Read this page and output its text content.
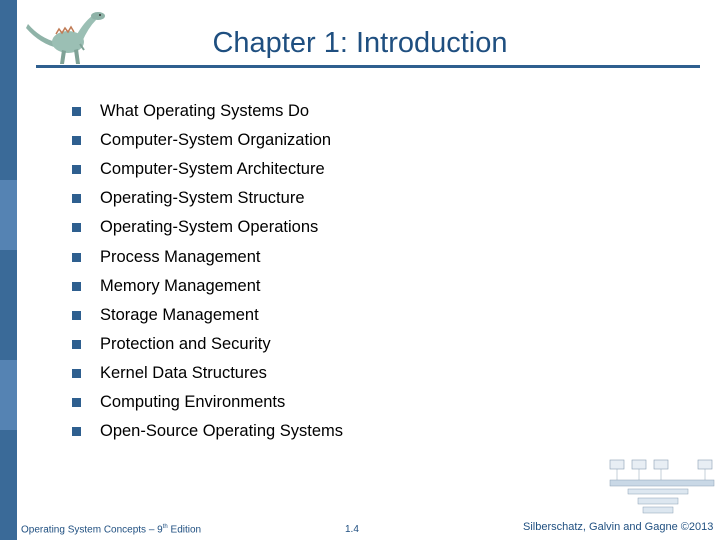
Chapter 1: Introduction
What Operating Systems Do
Computer-System Organization
Computer-System Architecture
Operating-System Structure
Operating-System Operations
Process Management
Memory Management
Storage Management
Protection and Security
Kernel Data Structures
Computing Environments
Open-Source Operating Systems
Operating System Concepts – 9th Edition	1.4	Silberschatz, Galvin and Gagne ©2013
